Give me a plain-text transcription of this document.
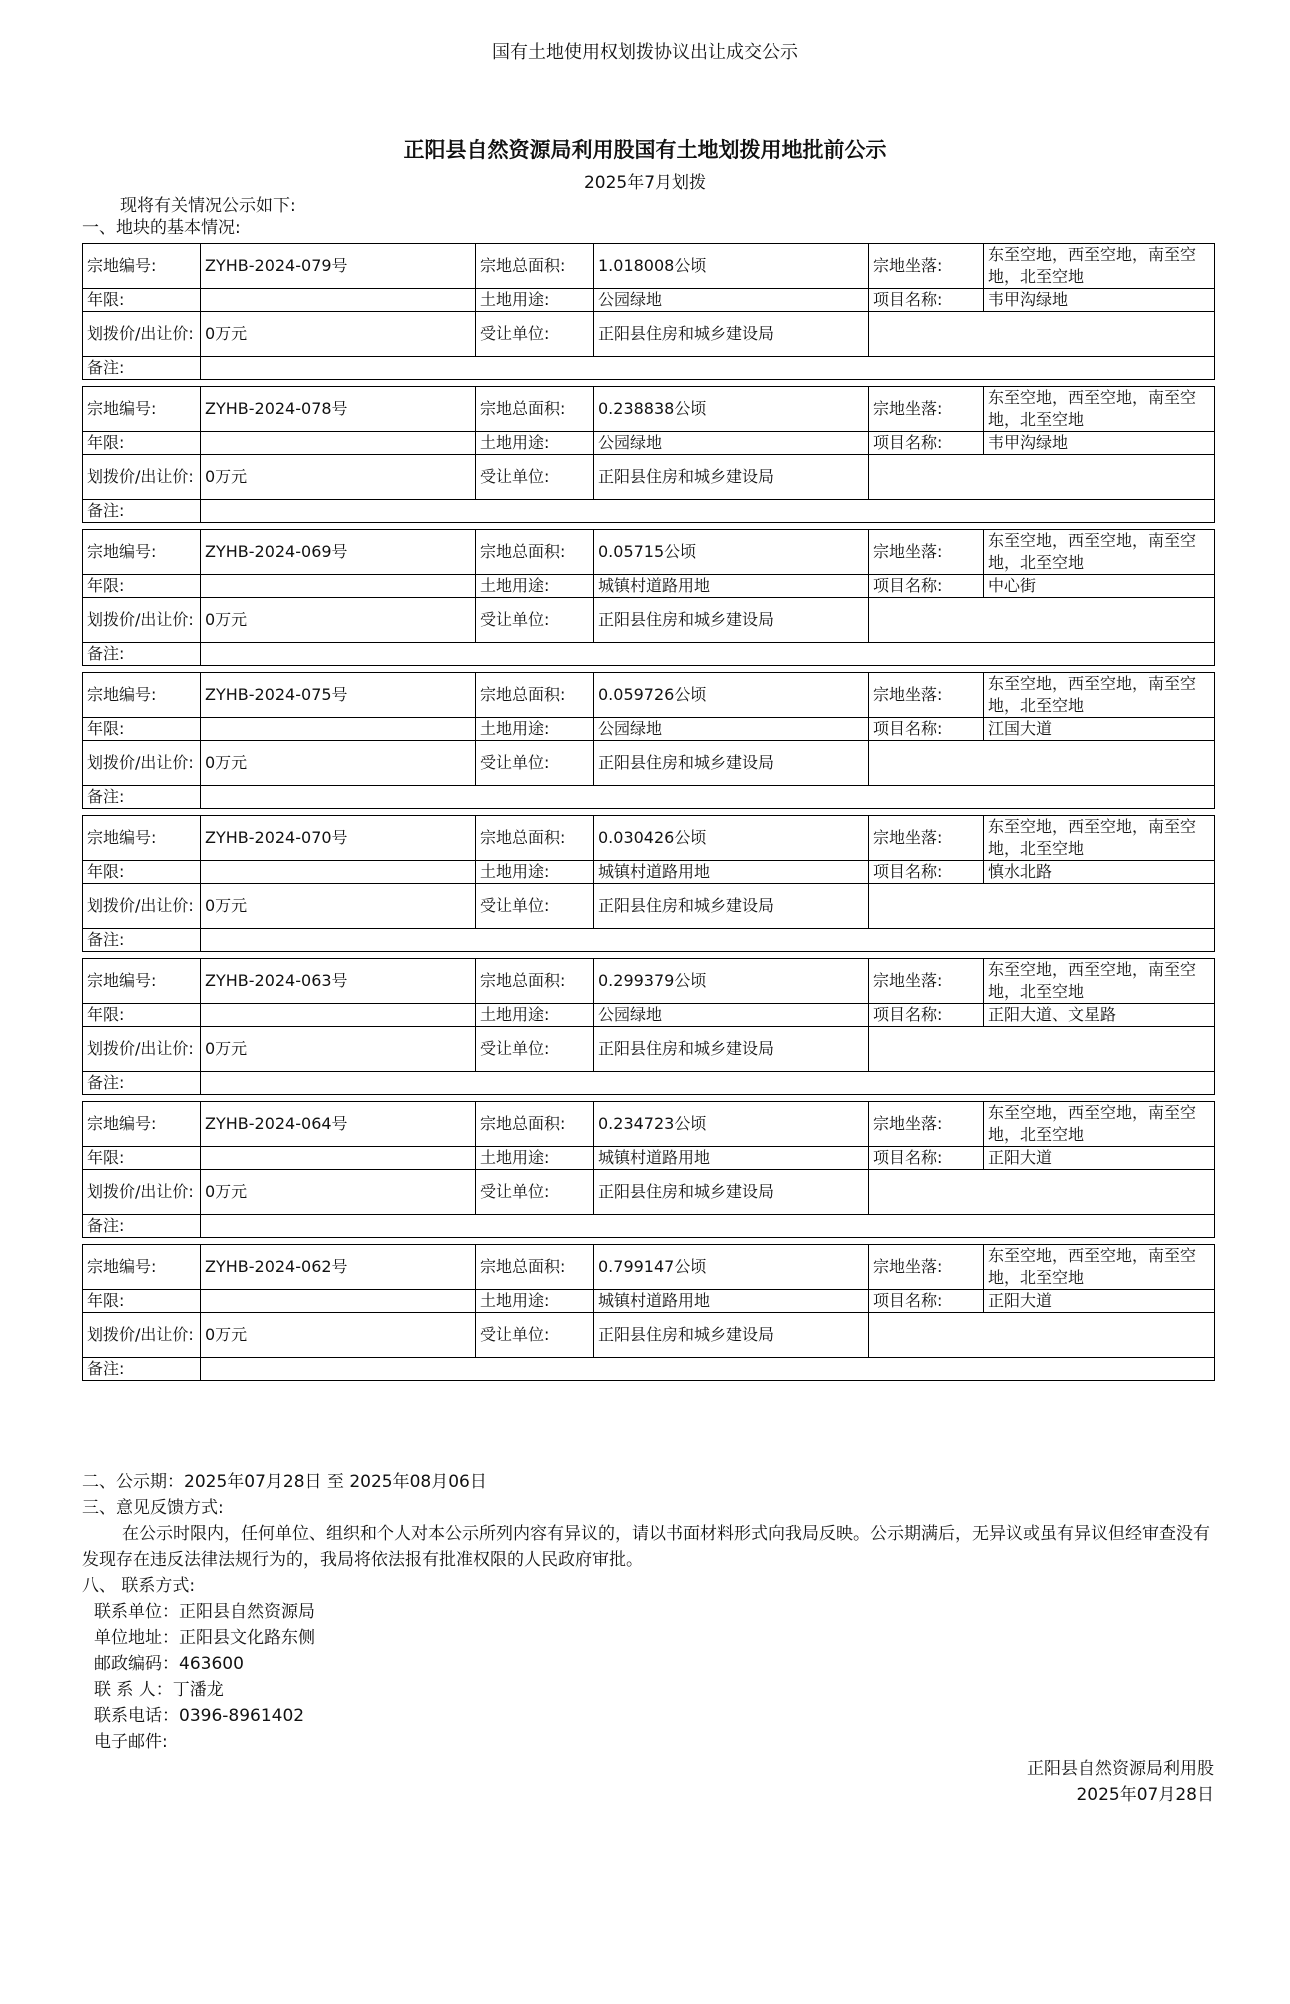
国有土地使用权划拨协议出让成交公示
正阳县自然资源局利用股国有土地划拨用地批前公示
2025年7月划拨
现将有关情况公示如下:
一、地块的基本情况:
宗地编号:	ZYHB-2024-079号	宗地总面积:	1.018008公顷	宗地坐落:	东至空地，西至空地，南至空地，北至空地
年限:		土地用途:	公园绿地	项目名称:	韦甲沟绿地
划拨价/出让价:	0万元	受让单位:	正阳县住房和城乡建设局		
备注:					
宗地编号:	ZYHB-2024-078号	宗地总面积:	0.238838公顷	宗地坐落:	东至空地，西至空地，南至空地，北至空地
年限:		土地用途:	公园绿地	项目名称:	韦甲沟绿地
划拨价/出让价:	0万元	受让单位:	正阳县住房和城乡建设局		
备注:					
宗地编号:	ZYHB-2024-069号	宗地总面积:	0.05715公顷	宗地坐落:	东至空地，西至空地，南至空地，北至空地
年限:		土地用途:	城镇村道路用地	项目名称:	中心街
划拨价/出让价:	0万元	受让单位:	正阳县住房和城乡建设局		
备注:					
宗地编号:	ZYHB-2024-075号	宗地总面积:	0.059726公顷	宗地坐落:	东至空地，西至空地，南至空地，北至空地
年限:		土地用途:	公园绿地	项目名称:	江国大道
划拨价/出让价:	0万元	受让单位:	正阳县住房和城乡建设局		
备注:					
宗地编号:	ZYHB-2024-070号	宗地总面积:	0.030426公顷	宗地坐落:	东至空地，西至空地，南至空地，北至空地
年限:		土地用途:	城镇村道路用地	项目名称:	慎水北路
划拨价/出让价:	0万元	受让单位:	正阳县住房和城乡建设局		
备注:					
宗地编号:	ZYHB-2024-063号	宗地总面积:	0.299379公顷	宗地坐落:	东至空地，西至空地，南至空地，北至空地
年限:		土地用途:	公园绿地	项目名称:	正阳大道、文星路
划拨价/出让价:	0万元	受让单位:	正阳县住房和城乡建设局		
备注:					
宗地编号:	ZYHB-2024-064号	宗地总面积:	0.234723公顷	宗地坐落:	东至空地，西至空地，南至空地，北至空地
年限:		土地用途:	城镇村道路用地	项目名称:	正阳大道
划拨价/出让价:	0万元	受让单位:	正阳县住房和城乡建设局		
备注:					
宗地编号:	ZYHB-2024-062号	宗地总面积:	0.799147公顷	宗地坐落:	东至空地，西至空地，南至空地，北至空地
年限:		土地用途:	城镇村道路用地	项目名称:	正阳大道
划拨价/出让价:	0万元	受让单位:	正阳县住房和城乡建设局		
备注:					

二、公示期：2025年07月28日 至 2025年08月06日

三、意见反馈方式:

在公示时限内，任何单位、组织和个人对本公示所列内容有异议的，请以书面材料形式向我局反映。公示期满后，无异议或虽有异议但经审查没有发现存在违反法律法规行为的，我局将依法报有批准权限的人民政府审批。

八、 联系方式:

联系单位：正阳县自然资源局

单位地址：正阳县文化路东侧

邮政编码：463600

联 系 人：丁潘龙

联系电话：0396-8961402

电子邮件:

正阳县自然资源局利用股
2025年07月28日
